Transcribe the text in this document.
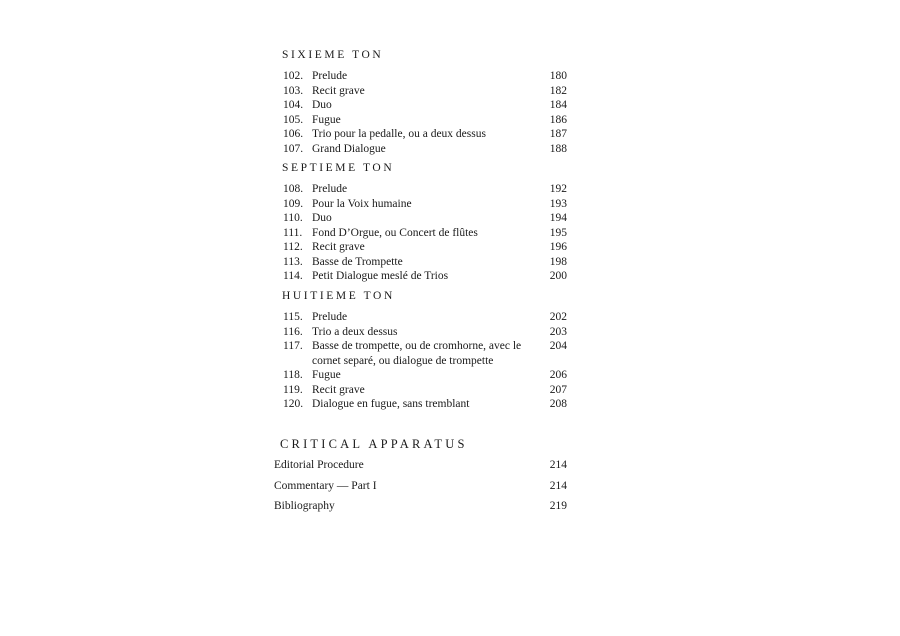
SIXIEME TON
102. Prelude	180
103. Recit grave	182
104. Duo	184
105. Fugue	186
106. Trio pour la pedalle, ou a deux dessus	187
107. Grand Dialogue	188
SEPTIEME TON
108. Prelude	192
109. Pour la Voix humaine	193
110. Duo	194
111. Fond D’Orgue, ou Concert de flûtes	195
112. Recit grave	196
113. Basse de Trompette	198
114. Petit Dialogue meslé de Trios	200
HUITIEME TON
115. Prelude	202
116. Trio a deux dessus	203
117. Basse de trompette, ou de cromhorne, avec le cornet separé, ou dialogue de trompette
204
118. Fugue	206
119. Recit grave	207
120. Dialogue en fugue, sans tremblant	208
CRITICAL APPARATUS
Editorial Procedure	214
Commentary — Part I	214
Bibliography	219
